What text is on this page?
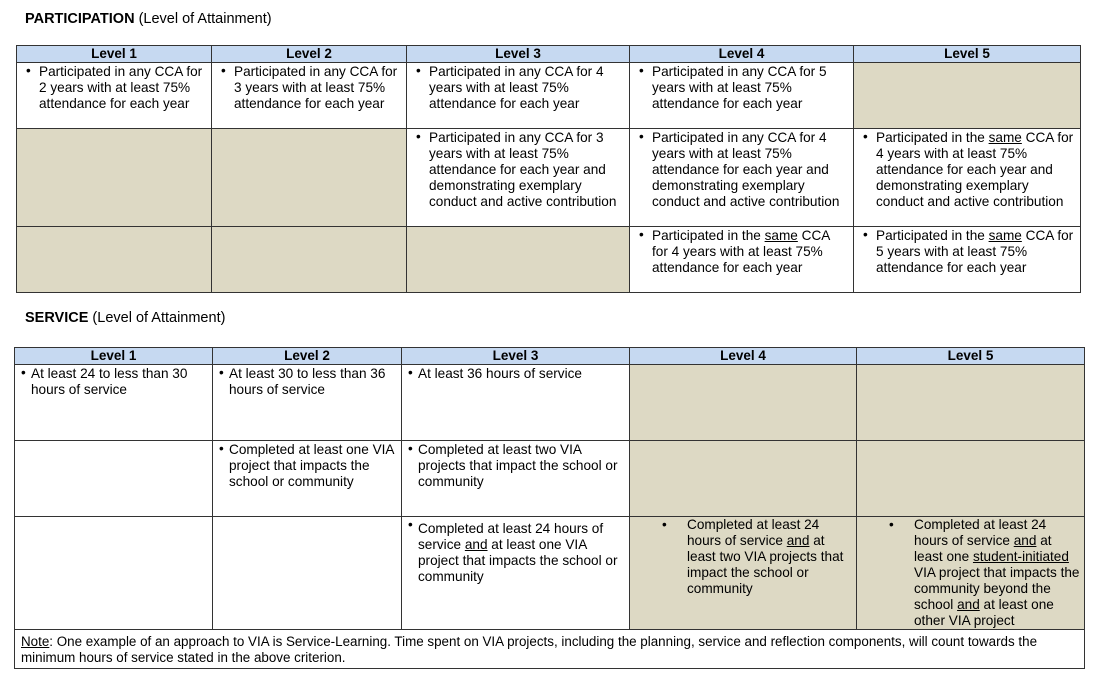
PARTICIPATION (Level of Attainment)
Level 1	Level 2	Level 3	Level 4	Level 5

• Participated in any CCA for 2 years with at least 75% attendance for each year	• Participated in any CCA for 3 years with at least 75% attendance for each year	• Participated in any CCA for 4 years with at least 75% attendance for each year	• Participated in any CCA for 5 years with at least 75% attendance for each year

		• Participated in any CCA for 3 years with at least 75% attendance for each year and demonstrating exemplary conduct and active contribution	• Participated in any CCA for 4 years with at least 75% attendance for each year and demonstrating exemplary conduct and active contribution	• Participated in the same CCA for 4 years with at least 75% attendance for each year and demonstrating exemplary conduct and active contribution

			• Participated in the same CCA for 4 years with at least 75% attendance for each year	• Participated in the same CCA for 5 years with at least 75% attendance for each year
SERVICE (Level of Attainment)
Level 1	Level 2	Level 3	Level 4	Level 5

• At least 24 to less than 30 hours of service	• At least 30 to less than 36 hours of service	• At least 36 hours of service

	• Completed at least one VIA project that impacts the school or community	• Completed at least two VIA projects that impact the school or community

		• Completed at least 24 hours of service and at least one VIA project that impacts the school or community	• Completed at least 24 hours of service and at least two VIA projects that impact the school or community	• Completed at least 24 hours of service and at least one student-initiated VIA project that impacts the community beyond the school and at least one other VIA project

Note: One example of an approach to VIA is Service-Learning. Time spent on VIA projects, including the planning, service and reflection components, will count towards the minimum hours of service stated in the above criterion.				
